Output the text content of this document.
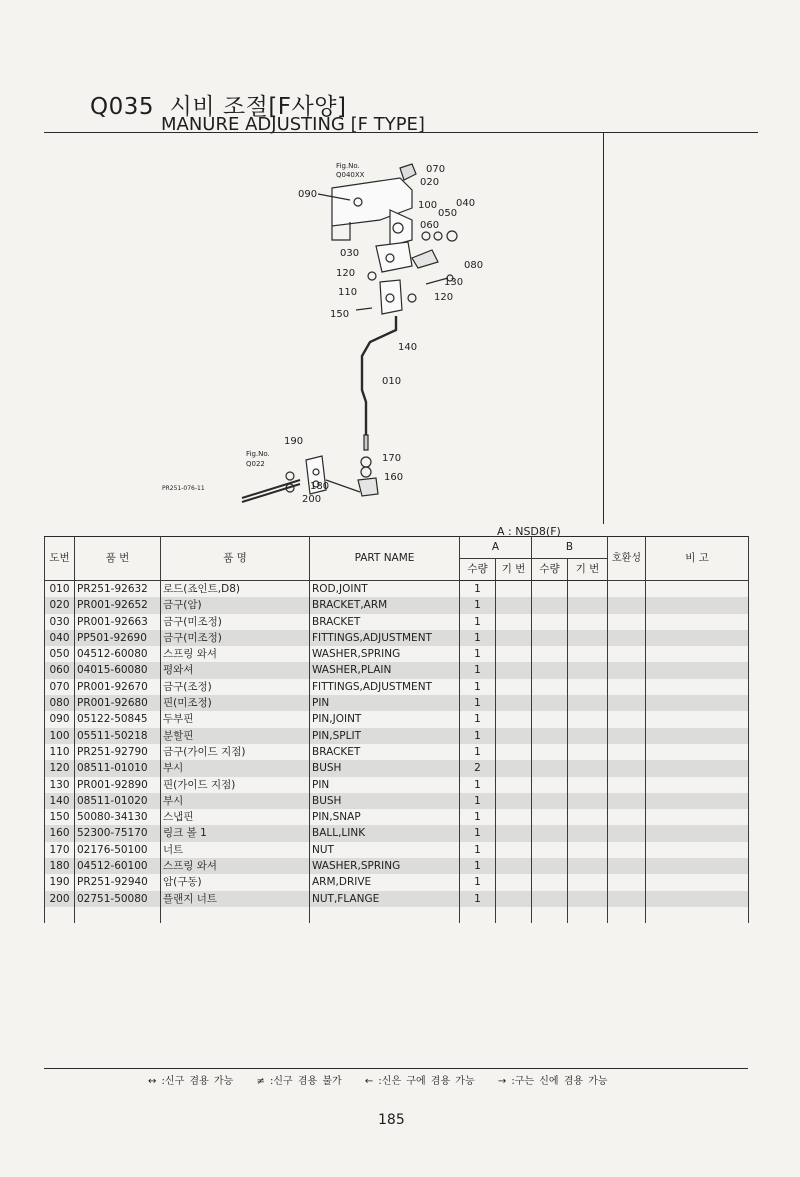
Q035 시비 조절[F사양]
MANURE ADJUSTING [F TYPE]
Fig.No.
Q040XX
Fig.No.
Q022
PR251-076-11
070
020
090
100 040
050
060
030
080
120
130
110	120
150
140
010
190
170
160
180
200
A : NSD8(F)
도번	품 번	품 명	PART NAME	A		B		호환성	비 고
				수량	기 번	수량	기 번		
010	PR251-92632	로드(죠인트,D8)	ROD,JOINT	1					
020	PR001-92652	금구(암)	BRACKET,ARM	1					
030	PR001-92663	금구(미조정)	BRACKET	1					
040	PP501-92690	금구(미조정)	FITTINGS,ADJUSTMENT	1					
050	04512-60080	스프링 와셔	WASHER,SPRING	1					
060	04015-60080	평와셔	WASHER,PLAIN	1					
070	PR001-92670	금구(조정)	FITTINGS,ADJUSTMENT	1					
080	PR001-92680	핀(미조정)	PIN	1					
090	05122-50845	두부핀	PIN,JOINT	1					
100	05511-50218	분할핀	PIN,SPLIT	1					
110	PR251-92790	금구(가이드 지점)	BRACKET	1					
120	08511-01010	부시	BUSH	2					
130	PR001-92890	핀(가이드 지점)	PIN	1					
140	08511-01020	부시	BUSH	1					
150	50080-34130	스냅핀	PIN,SNAP	1					
160	52300-75170	링크 볼 1	BALL,LINK	1					
170	02176-50100	너트	NUT	1					
180	04512-60100	스프링 와셔	WASHER,SPRING	1					
190	PR251-92940	암(구동)	ARM,DRIVE	1					
200	02751-50080	플랜지 너트	NUT,FLANGE	1					

↔ :신구 겸용 가능 ≠ :신구 겸용 불가 ← :신은 구에 겸용 가능 → :구는 신에 겸용 가능
185
